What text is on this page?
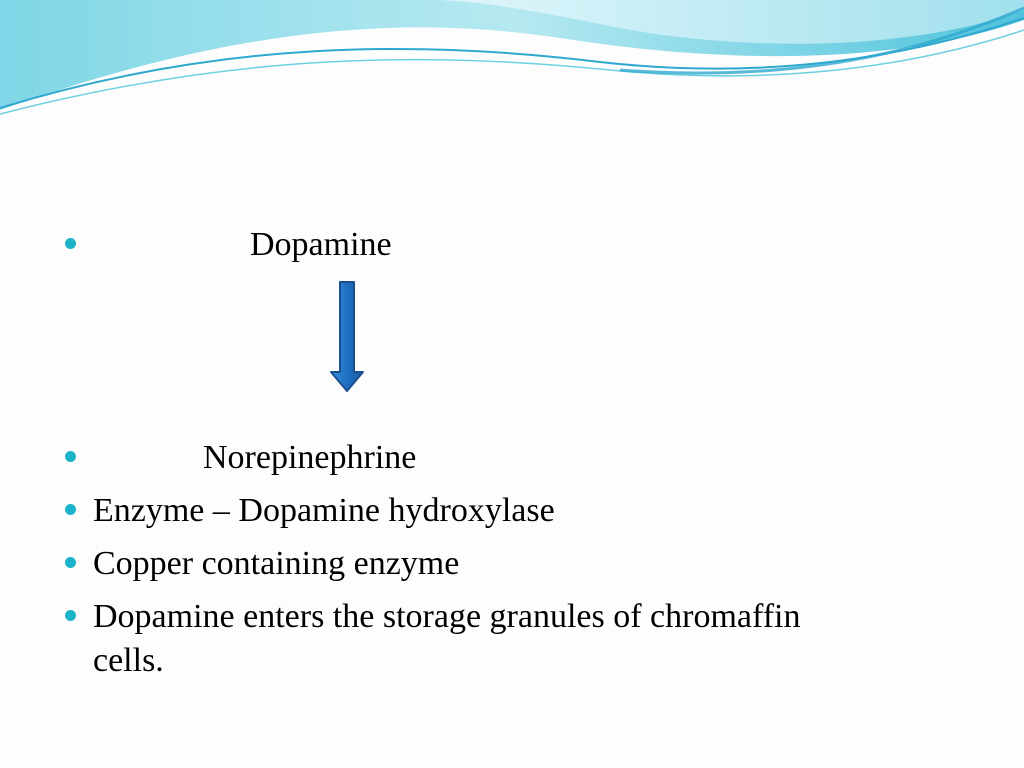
Dopamine
Norepinephrine
Enzyme – Dopamine hydroxylase
Copper containing enzyme
Dopamine enters the storage granules of chromaffin
cells.
